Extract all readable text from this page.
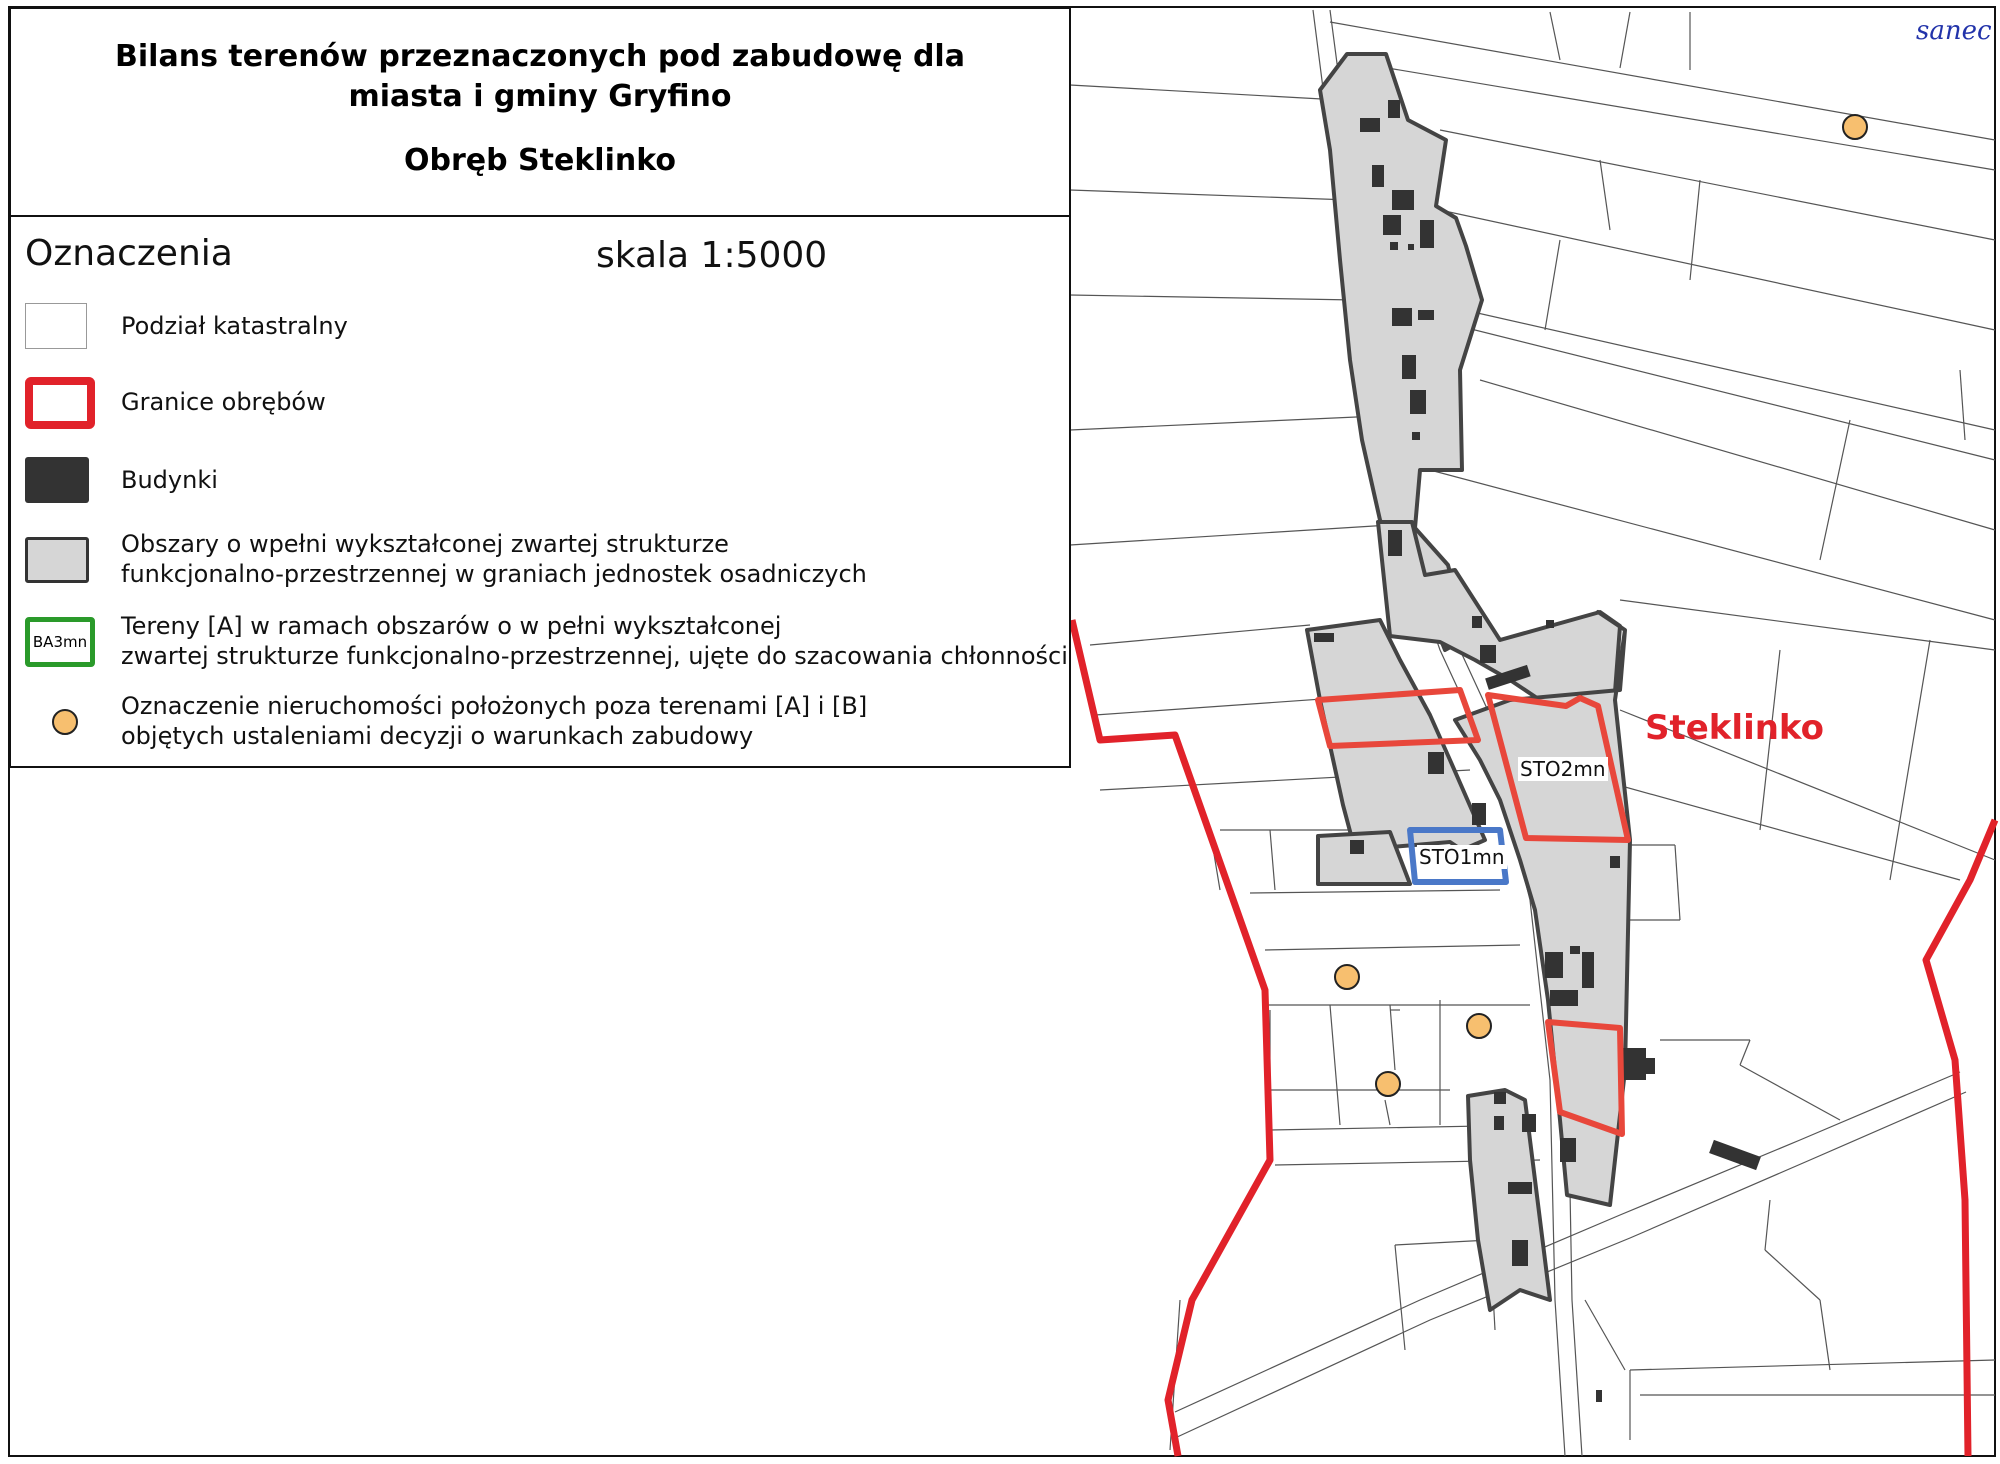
sanec
Steklinko
STO2mn
STO1mn
Bilans terenów przeznaczonych pod zabudowę dla
miasta i gminy Gryfino
Obręb Steklinko
Oznaczenia	skala 1:5000
Podział katastralny
Granice obrębów
Budynki
Obszary o wpełni wykształconej zwartej strukturze
funkcjonalno-przestrzennej w graniach jednostek osadniczych
BA3mn
Tereny [A] w ramach obszarów o w pełni wykształconej
zwartej strukturze funkcjonalno-przestrzennej, ujęte do szacowania chłonności
Oznaczenie nieruchomości położonych poza terenami [A] i [B]
objętych ustaleniami decyzji o warunkach zabudowy
